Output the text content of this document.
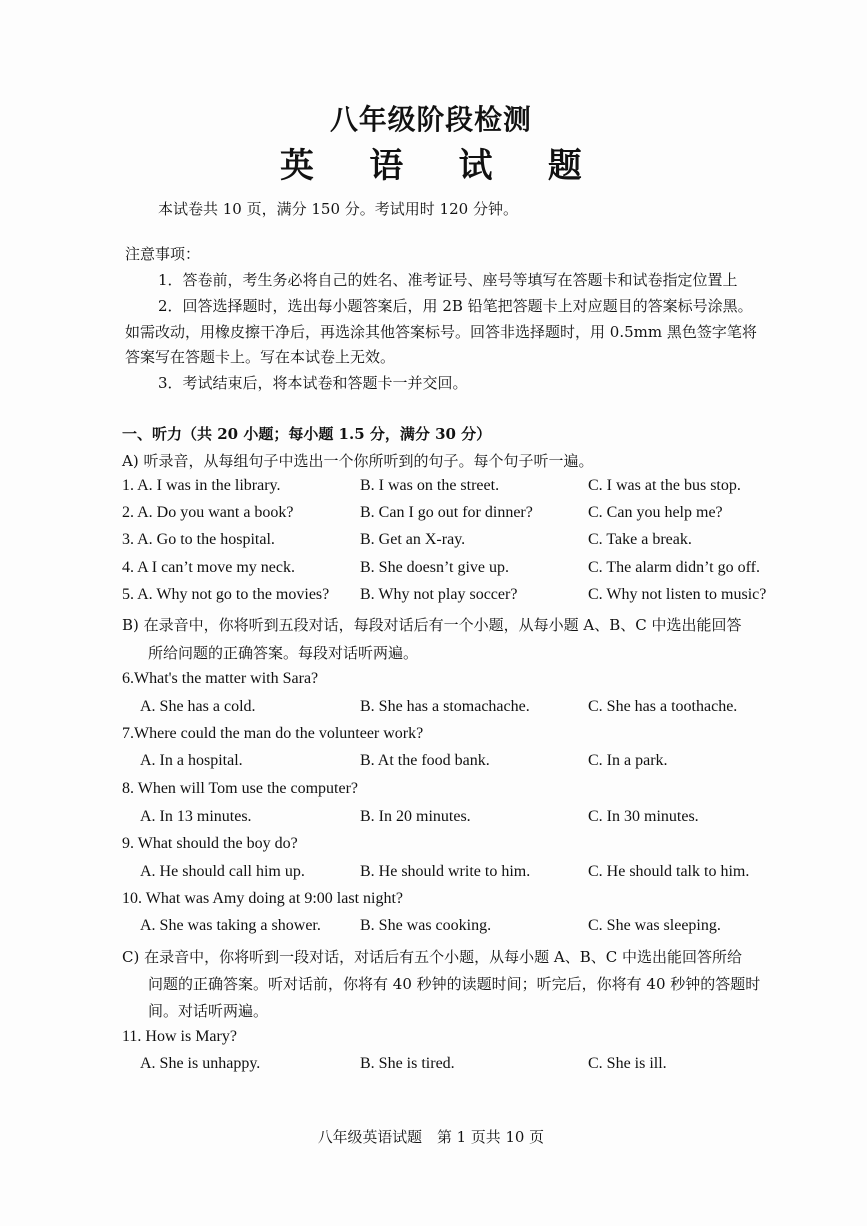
八年级阶段检测
英 语 试 题
本试卷共 10 页，满分 150 分。考试用时 120 分钟。
注意事项：
1．答卷前，考生务必将自己的姓名、准考证号、座号等填写在答题卡和试卷指定位置上
2．回答选择题时，选出每小题答案后，用 2B 铅笔把答题卡上对应题目的答案标号涂黑。
如需改动，用橡皮擦干净后，再选涂其他答案标号。回答非选择题时，用 0.5mm 黑色签字笔将
答案写在答题卡上。写在本试卷上无效。
3．考试结束后，将本试卷和答题卡一并交回。
一、听力（共 20 小题；每小题 1.5 分，满分 30 分）
A) 听录音，从每组句子中选出一个你所听到的句子。每个句子听一遍。
1. A. I was in the library.	B. I was on the street.	C. I was at the bus stop.
2. A. Do you want a book?	B. Can I go out for dinner?	C. Can you help me?
3. A. Go to the hospital.	B. Get an X-ray.	C. Take a break.
4. A I can’t move my neck.	B. She doesn’t give up.	C. The alarm didn’t go off.
5. A. Why not go to the movies? B. Why not play soccer?	C. Why not listen to music?
B) 在录音中，你将听到五段对话，每段对话后有一个小题，从每小题 A、B、C 中选出能回答
所给问题的正确答案。每段对话听两遍。
6.What's the matter with Sara?
A. She has a cold.	B. She has a stomachache.	C. She has a toothache.
7.Where could the man do the volunteer work?
A. In a hospital.	B. At the food bank.	C. In a park.
8. When will Tom use the computer?
A. In 13 minutes.	B. In 20 minutes.	C. In 30 minutes.
9. What should the boy do?
A. He should call him up.	B. He should write to him.	C. He should talk to him.
10. What was Amy doing at 9:00 last night?
A. She was taking a shower. B. She was cooking.	C. She was sleeping.
C) 在录音中，你将听到一段对话，对话后有五个小题，从每小题 A、B、C 中选出能回答所给
问题的正确答案。听对话前，你将有 40 秒钟的读题时间；听完后，你将有 40 秒钟的答题时
间。对话听两遍。
11. How is Mary?
A. She is unhappy.	B. She is tired.	C. She is ill.
八年级英语试题　第 1 页共 10 页
